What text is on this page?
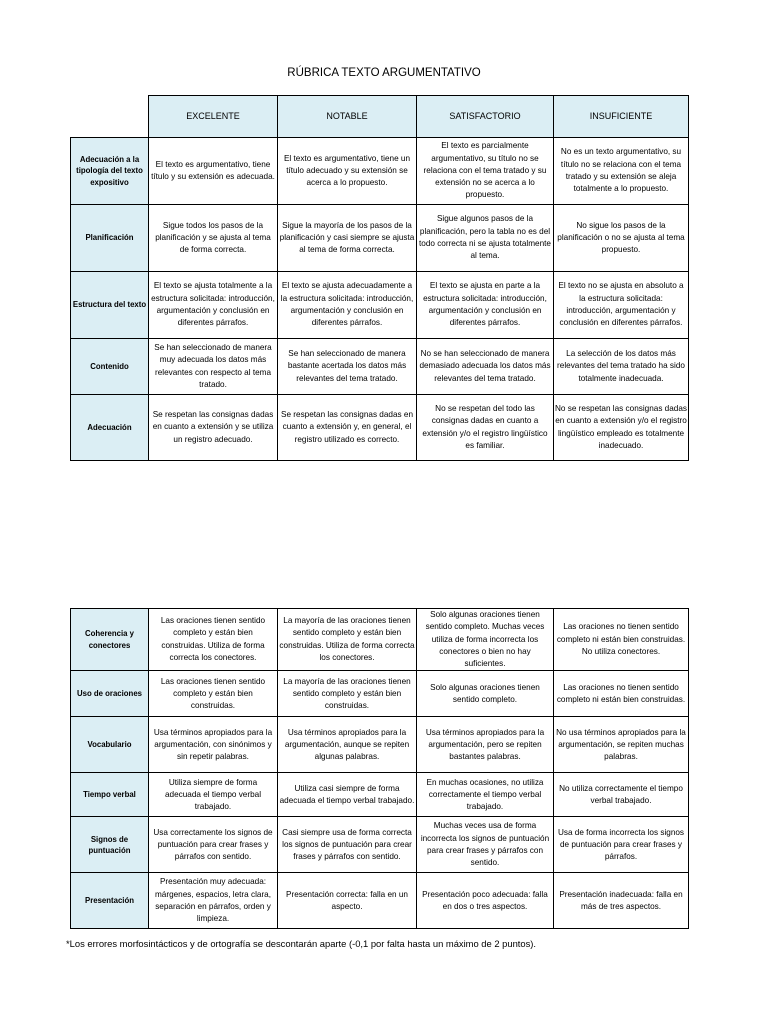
RÚBRICA TEXTO ARGUMENTATIVO
	EXCELENTE	NOTABLE	SATISFACTORIO	INSUFICIENTE
Adecuación a la tipología del texto expositivo	El texto es argumentativo, tiene título y su extensión es adecuada.	El texto es argumentativo, tiene un título adecuado y su extensión se acerca a lo propuesto.	El texto es parcialmente argumentativo, su título no se relaciona con el tema tratado y su extensión no se acerca a lo propuesto.	No es un texto argumentativo, su título no se relaciona con el tema tratado y su extensión se aleja totalmente a lo propuesto.
Planificación	Sigue todos los pasos de la planificación y se ajusta al tema de forma correcta.	Sigue la mayoría de los pasos de la planificación y casi siempre se ajusta al tema de forma correcta.	Sigue algunos pasos de la planificación, pero la tabla no es del todo correcta ni se ajusta totalmente al tema.	No sigue los pasos de la planificación o no se ajusta al tema propuesto.
Estructura del texto	El texto se ajusta totalmente a la estructura solicitada: introducción, argumentación y conclusión en diferentes párrafos.	El texto se ajusta adecuadamente a la estructura solicitada: introducción, argumentación y conclusión en diferentes párrafos.	El texto se ajusta en parte a la estructura solicitada: introducción, argumentación y conclusión en diferentes párrafos.	El texto no se ajusta en absoluto a la estructura solicitada: introducción, argumentación y conclusión en diferentes párrafos.
Contenido	Se han seleccionado de manera muy adecuada los datos más relevantes con respecto al tema tratado.	Se han seleccionado de manera bastante acertada los datos más relevantes del tema tratado.	No se han seleccionado de manera demasiado adecuada los datos más relevantes del tema tratado.	La selección de los datos más relevantes del tema tratado ha sido totalmente inadecuada.
Adecuación	Se respetan las consignas dadas en cuanto a extensión y se utiliza un registro adecuado.	Se respetan las consignas dadas en cuanto a extensión y, en general, el registro utilizado es correcto.	No se respetan del todo las consignas dadas en cuanto a extensión y/o el registro lingüístico es familiar.	No se respetan las consignas dadas en cuanto a extensión y/o el registro lingüístico empleado es totalmente inadecuado.
Coherencia y conectores	Las oraciones tienen sentido completo y están bien construidas. Utiliza de forma correcta los conectores.	La mayoría de las oraciones tienen sentido completo y están bien construidas. Utiliza de forma correcta los conectores.	Solo algunas oraciones tienen sentido completo. Muchas veces utiliza de forma incorrecta los conectores o bien no hay suficientes.	Las oraciones no tienen sentido completo ni están bien construidas. No utiliza conectores.
Uso de oraciones	Las oraciones tienen sentido completo y están bien construidas.	La mayoría de las oraciones tienen sentido completo y están bien construidas.	Solo algunas oraciones tienen sentido completo.	Las oraciones no tienen sentido completo ni están bien construidas.
Vocabulario	Usa términos apropiados para la argumentación, con sinónimos y sin repetir palabras.	Usa términos apropiados para la argumentación, aunque se repiten algunas palabras.	Usa términos apropiados para la argumentación, pero se repiten bastantes palabras.	No usa términos apropiados para la argumentación, se repiten muchas palabras.
Tiempo verbal	Utiliza siempre de forma adecuada el tiempo verbal trabajado.	Utiliza casi siempre de forma adecuada el tiempo verbal trabajado.	En muchas ocasiones, no utiliza correctamente el tiempo verbal trabajado.	No utiliza correctamente el tiempo verbal trabajado.
Signos de puntuación	Usa correctamente los signos de puntuación para crear frases y párrafos con sentido.	Casi siempre usa de forma correcta los signos de puntuación para crear frases y párrafos con sentido.	Muchas veces usa de forma incorrecta los signos de puntuación para crear frases y párrafos con sentido.	Usa de forma incorrecta los signos de puntuación para crear frases y párrafos.
Presentación	Presentación muy adecuada: márgenes, espacios, letra clara, separación en párrafos, orden y limpieza.	Presentación correcta: falla en un aspecto.	Presentación poco adecuada: falla en dos o tres aspectos.	Presentación inadecuada: falla en más de tres aspectos.
*Los errores morfosintácticos y de ortografía se descontarán aparte (-0,1 por falta hasta un máximo de 2 puntos).
